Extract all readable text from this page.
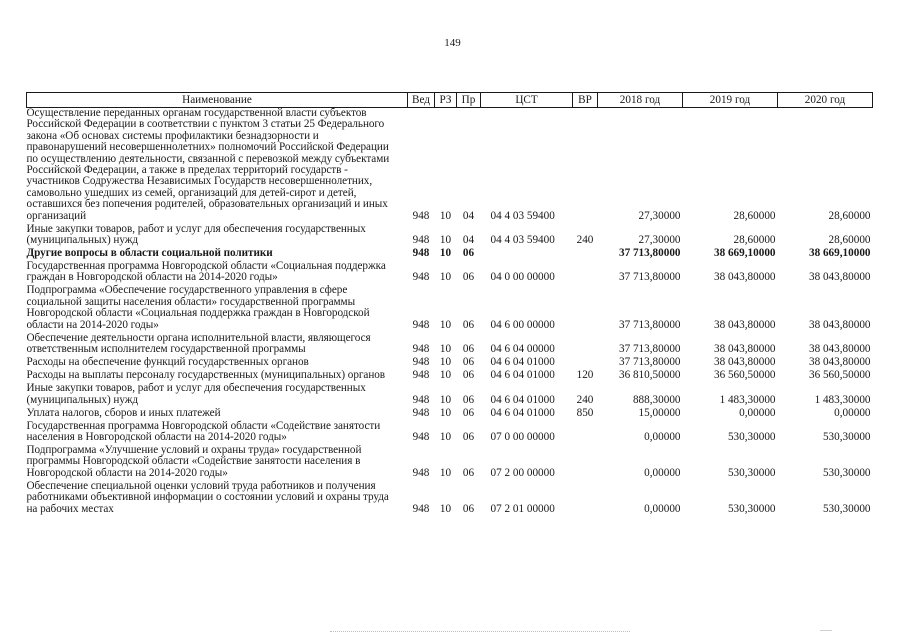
149
Наименование	Вед	РЗ	Пр	ЦСТ	ВР	2018 год	2019 год	2020 год
Осуществление переданных органам государственной власти субъектов Российской Федерации в соответствии с пунктом 3 статьи 25 Федерального закона «Об основах системы профилактики безнадзорности и правонарушений несовершеннолетних» полномочий Российской Федерации по осуществлению деятельности, связанной с перевозкой между субъектами Российской Федерации, а также в пределах территорий государств - участников Содружества Независимых Государств несовершеннолетних, самовольно ушедших из семей, организаций для детей-сирот и детей, оставшихся без попечения родителей, образовательных организаций и иных организаций	948	10	04	04 4 03 59400		27,30000	28,60000	28,60000
Иные закупки товаров, работ и услуг для обеспечения государственных (муниципальных) нужд	948	10	04	04 4 03 59400	240	27,30000	28,60000	28,60000
Другие вопросы в области социальной политики	948	10	06			37 713,80000	38 669,10000	38 669,10000
Государственная программа Новгородской области «Социальная поддержка граждан в Новгородской области на 2014-2020 годы»	948	10	06	04 0 00 00000		37 713,80000	38 043,80000	38 043,80000
Подпрограмма «Обеспечение государственного управления в сфере социальной защиты населения области» государственной программы Новгородской области «Социальная поддержка граждан в Новгородской области на 2014-2020 годы»	948	10	06	04 6 00 00000		37 713,80000	38 043,80000	38 043,80000
Обеспечение деятельности органа исполнительной власти, являющегося ответственным исполнителем государственной программы	948	10	06	04 6 04 00000		37 713,80000	38 043,80000	38 043,80000
Расходы на обеспечение функций государственных органов	948	10	06	04 6 04 01000		37 713,80000	38 043,80000	38 043,80000
Расходы на выплаты персоналу государственных (муниципальных) органов	948	10	06	04 6 04 01000	120	36 810,50000	36 560,50000	36 560,50000
Иные закупки товаров, работ и услуг для обеспечения государственных (муниципальных) нужд	948	10	06	04 6 04 01000	240	888,30000	1 483,30000	1 483,30000
Уплата налогов, сборов и иных платежей	948	10	06	04 6 04 01000	850	15,00000	0,00000	0,00000
Государственная программа Новгородской области «Содействие занятости населения в Новгородской области на 2014-2020 годы»	948	10	06	07 0 00 00000		0,00000	530,30000	530,30000
Подпрограмма «Улучшение условий и охраны труда» государственной программы Новгородской области «Содействие занятости населения в Новгородской области на 2014-2020 годы»	948	10	06	07 2 00 00000		0,00000	530,30000	530,30000
Обеспечение специальной оценки условий труда работников и получения работниками объективной информации о состоянии условий и охраны труда на рабочих местах	948	10	06	07 2 01 00000		0,00000	530,30000	530,30000
